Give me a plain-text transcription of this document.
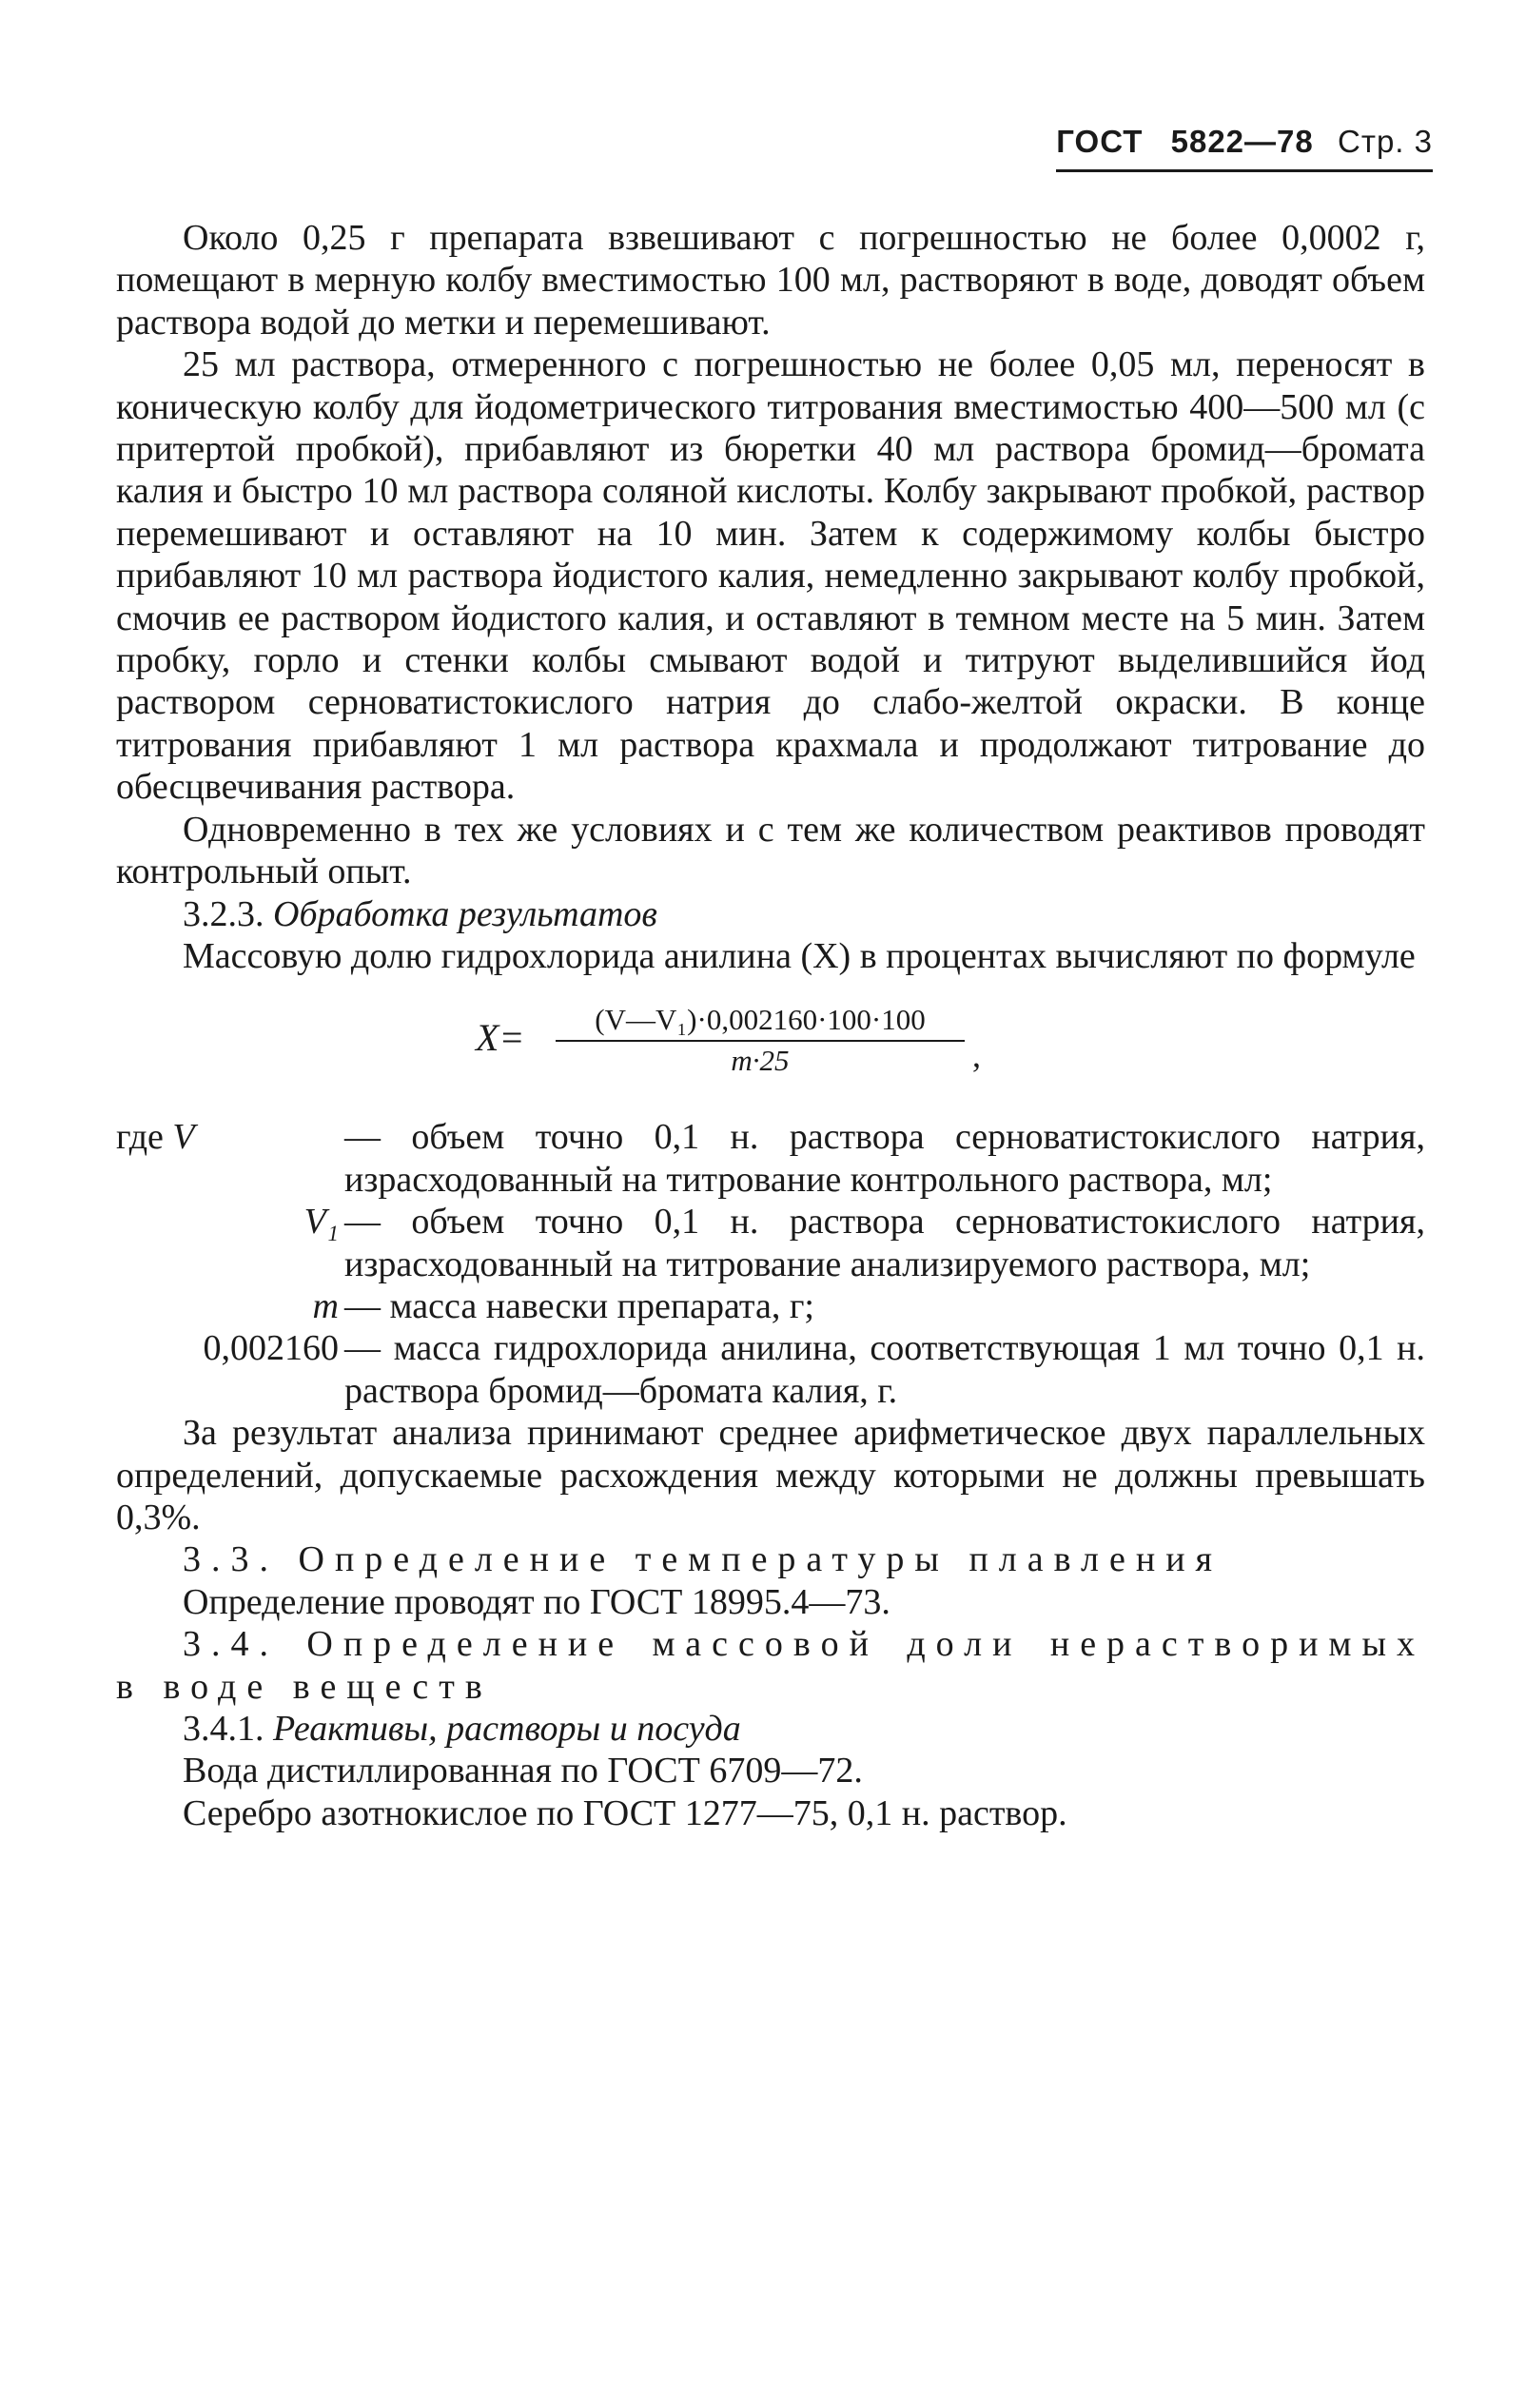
ГОСТ 5822—78 Стр. 3

Около 0,25 г препарата взвешивают с погрешностью не более 0,0002 г, помещают в мерную колбу вместимостью 100 мл, растворяют в воде, доводят объем раствора водой до метки и перемешивают.

25 мл раствора, отмеренного с погрешностью не более 0,05 мл, переносят в коническую колбу для йодометрического титрования вместимостью 400—500 мл (с притертой пробкой), прибавляют из бюретки 40 мл раствора бромид—бромата калия и быстро 10 мл раствора соляной кислоты. Колбу закрывают пробкой, раствор перемешивают и оставляют на 10 мин. Затем к содержимому колбы быстро прибавляют 10 мл раствора йодистого калия, немедленно закрывают колбу пробкой, смочив ее раствором йодистого калия, и оставляют в темном месте на 5 мин. Затем пробку, горло и стенки колбы смывают водой и титруют выделившийся йод раствором серноватистокислого натрия до слабо-желтой окраски. В конце титрования прибавляют 1 мл раствора крахмала и продолжают титрование до обесцвечивания раствора.

Одновременно в тех же условиях и с тем же количеством реактивов проводят контрольный опыт.

3.2.3. Обработка результатов

Массовую долю гидрохлорида анилина (X) в процентах вычисляют по формуле

$X= \frac{\text{(V—V₁)·0,002160·100·100}}{m\cdot 25}$ ,
где V	— объем точно 0,1 н. раствора серноватистокислого натрия, израсходованный на титрование контрольного раствора, мл;
V₁ — объем точно 0,1 н. раствора серноватистокислого натрия, израсходованный на титрование анализируемого раствора, мл;
m — масса навески препарата, г;
0,002160 — масса гидрохлорида анилина, соответствующая 1 мл точно 0,1 н. раствора бромид—бромата калия, г.

За результат анализа принимают среднее арифметическое двух параллельных определений, допускаемые расхождения между которыми не должны превышать 0,3%.

3.3. Определение температуры плавления

Определение проводят по ГОСТ 18995.4—73.

3.4. Определение массовой доли нерастворимых в воде веществ

3.4.1. Реактивы, растворы и посуда

Вода дистиллированная по ГОСТ 6709—72.

Серебро азотнокислое по ГОСТ 1277—75, 0,1 н. раствор.
